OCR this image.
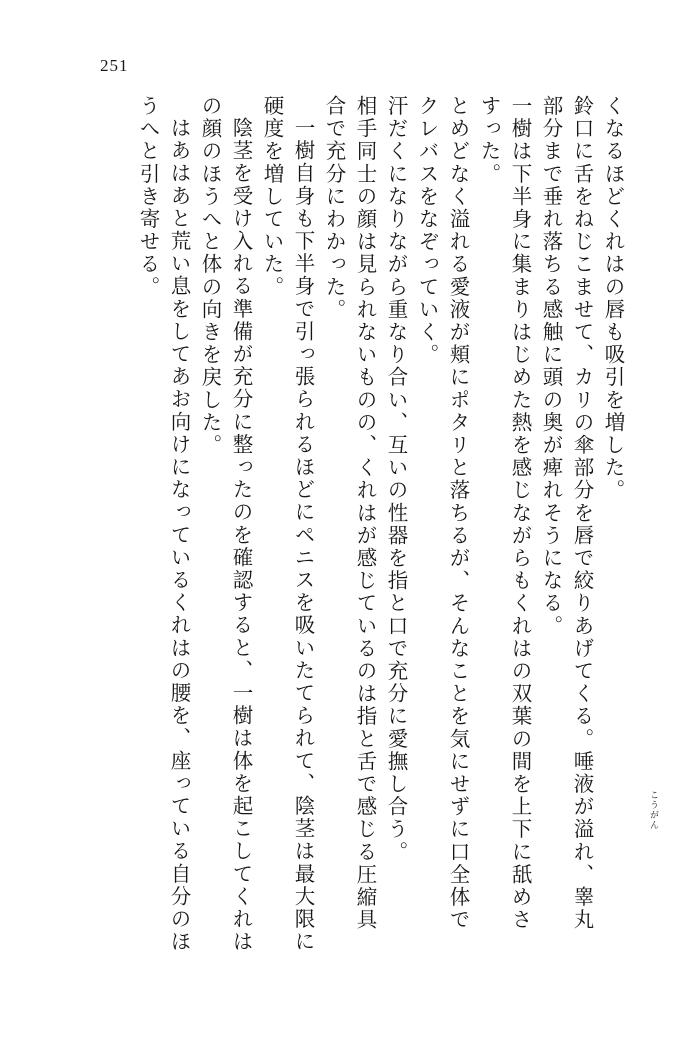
251
くなるほどくれはの唇も吸引を増した。
鈴口に舌をねじこませて、カリの傘部分を唇で絞りあげてくる。唾液が溢れ、睾丸
部分まで垂れ落ちる感触に頭の奥が痺れそうになる。
一樹は下半身に集まりはじめた熱を感じながらもくれはの双葉の間を上下に舐めさ
すった。
とめどなく溢れる愛液が頬にポタリと落ちるが、そんなことを気にせずに口全体で
クレバスをなぞっていく。
汗だくになりながら重なり合い、互いの性器を指と口で充分に愛撫し合う。
相手同士の顔は見られないものの、くれはが感じているのは指と舌で感じる圧縮具
合で充分にわかった。
一樹自身も下半身で引っ張られるほどにペニスを吸いたてられて、陰茎は最大限に
硬度を増していた。
陰茎を受け入れる準備が充分に整ったのを確認すると、一樹は体を起こしてくれは
の顔のほうへと体の向きを戻した。
はあはあと荒い息をしてあお向けになっているくれはの腰を、座っている自分のほ
うへと引き寄せる。
こうがん
